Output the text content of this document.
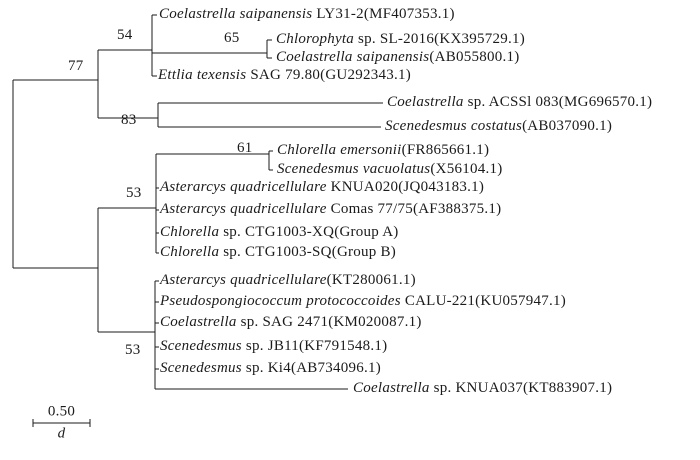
Coelastrella saipanensis LY31-2(MF407353.1)
Chlorophyta sp. SL-2016(KX395729.1)
Coelastrella saipanensis(AB055800.1)
Ettlia texensis SAG 79.80(GU292343.1)
Coelastrella sp. ACSSl 083(MG696570.1)
Scenedesmus costatus(AB037090.1)
Chlorella emersonii(FR865661.1)
Scenedesmus vacuolatus(X56104.1)
Asterarcys quadricellulare KNUA020(JQ043183.1)
Asterarcys quadricellulare Comas 77/75(AF388375.1)
Chlorella sp. CTG1003-XQ(Group A)
Chlorella sp. CTG1003-SQ(Group B)
Asterarcys quadricellulare(KT280061.1)
Pseudospongiococcum protococcoides CALU-221(KU057947.1)
Coelastrella sp. SAG 2471(KM020087.1)
Scenedesmus sp. JB11(KF791548.1)
Scenedesmus sp. Ki4(AB734096.1)
Coelastrella sp. KNUA037(KT883907.1)
77
54	65
83
61
53
53
0.50
d
